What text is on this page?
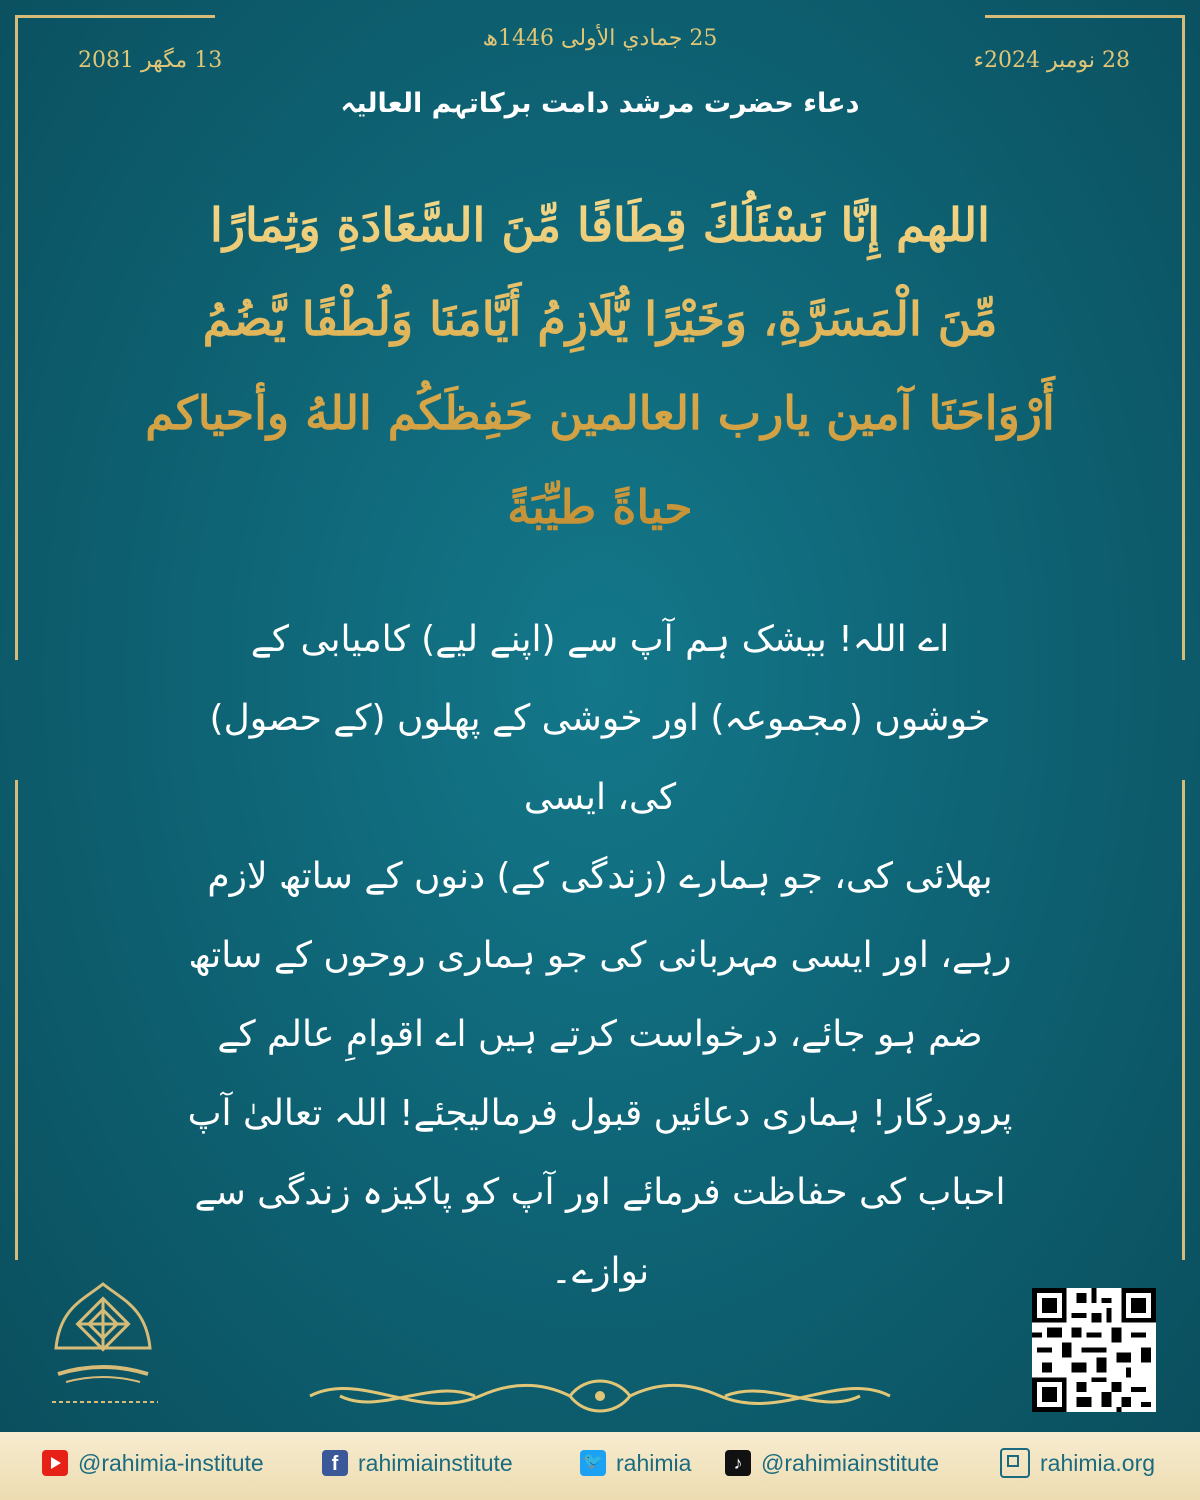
25 جمادي الأولى 1446ھ
28 نومبر 2024ء
13 مگھر 2081
دعاء حضرت مرشد دامت برکاتہم العالیہ
اللهم إِنَّا نَسْئَلُكَ قِطَافًا مِّنَ السَّعَادَةِ وَثِمَارًا
مِّنَ الْمَسَرَّةِ، وَخَيْرًا يُّلَازِمُ أَيَّامَنَا وَلُطْفًا يَّضُمُ
أَرْوَاحَنَا آمين يارب العالمين حَفِظَكُم اللهُ وأحياكم
حياةً طيِّبَةً
اے اللہ! بیشک ہم آپ سے (اپنے لیے) کامیابی کے
خوشوں (مجموعہ) اور خوشی کے پھلوں (کے حصول) کی، ایسی
بھلائی کی، جو ہمارے (زندگی کے) دنوں کے ساتھ لازم
رہے، اور ایسی مہربانی کی جو ہماری روحوں کے ساتھ
ضم ہو جائے، درخواست کرتے ہیں اے اقوامِ عالم کے
پروردگار! ہماری دعائیں قبول فرمالیجئے! اللہ تعالیٰ آپ
احباب کی حفاظت فرمائے اور آپ کو پاکیزہ زندگی سے
نوازے۔
@rahimia-institute	f rahimiainstitute
🐦	rahimia	♪ @rahimiainstitute	rahimia.org
